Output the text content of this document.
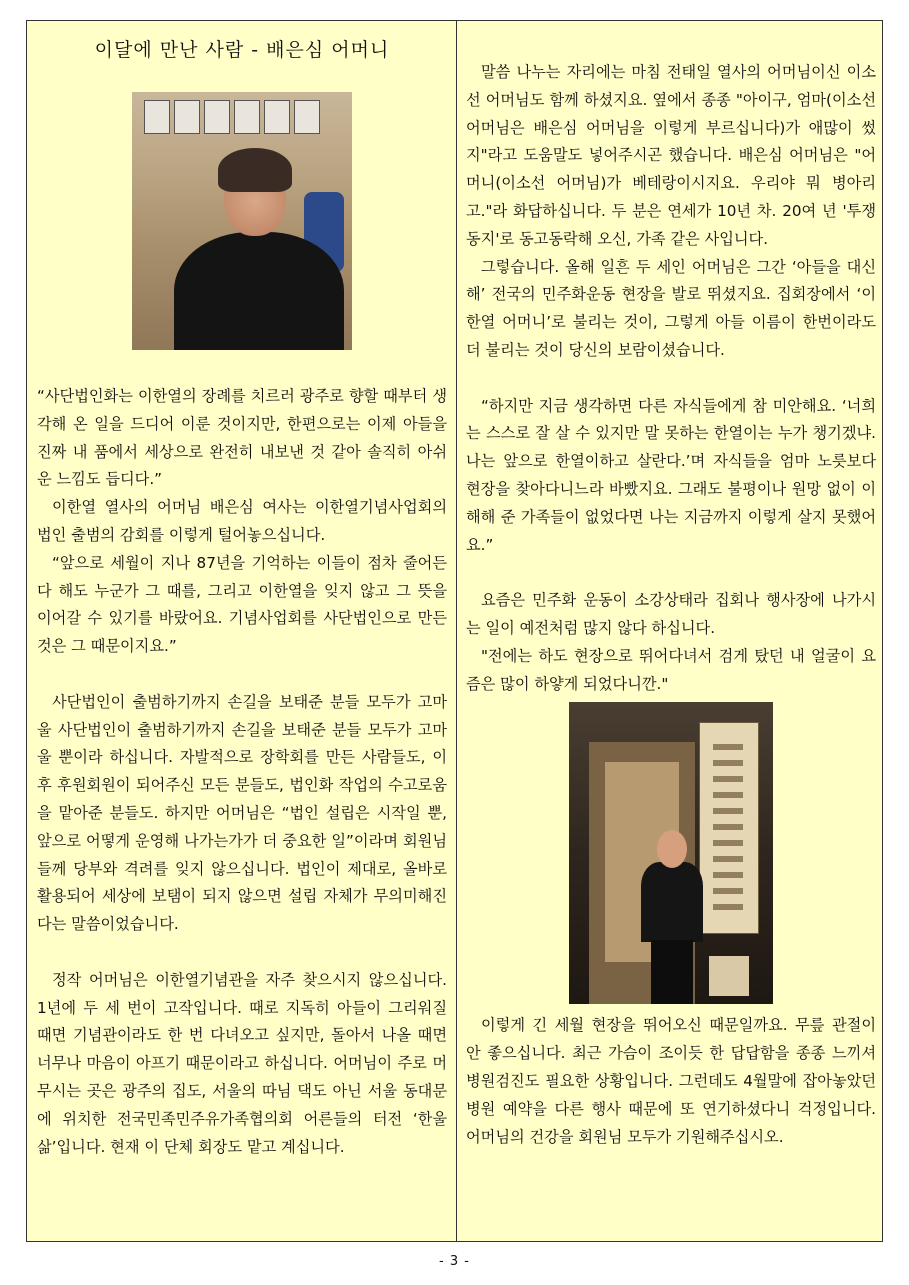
이달에 만난 사람 - 배은심 어머니

“사단법인화는 이한열의 장례를 치르러 광주로 향할 때부터 생각해 온 일을 드디어 이룬 것이지만, 한편으로는 이제 아들을 진짜 내 품에서 세상으로 완전히 내보낸 것 같아 솔직히 아쉬운 느낌도 듭디다.”

이한열 열사의 어머님 배은심 여사는 이한열기념사업회의 법인 출범의 감회를 이렇게 털어놓으십니다.

“앞으로 세월이 지나 87년을 기억하는 이들이 점차 줄어든다 해도 누군가 그 때를, 그리고 이한열을 잊지 않고 그 뜻을 이어갈 수 있기를 바랐어요. 기념사업회를 사단법인으로 만든 것은 그 때문이지요.”

사단법인이 출범하기까지 손길을 보태준 분들 모두가 고마울 사단법인이 출범하기까지 손길을 보태준 분들 모두가 고마울 뿐이라 하십니다. 자발적으로 장학회를 만든 사람들도, 이후 후원회원이 되어주신 모든 분들도, 법인화 작업의 수고로움을 맡아준 분들도. 하지만 어머님은 “법인 설립은 시작일 뿐, 앞으로 어떻게 운영해 나가는가가 더 중요한 일”이라며 회원님들께 당부와 격려를 잊지 않으십니다. 법인이 제대로, 올바로 활용되어 세상에 보탬이 되지 않으면 설립 자체가 무의미해진다는 말씀이었습니다.

정작 어머님은 이한열기념관을 자주 찾으시지 않으십니다. 1년에 두 세 번이 고작입니다. 때로 지독히 아들이 그리워질 때면 기념관이라도 한 번 다녀오고 싶지만, 돌아서 나올 때면 너무나 마음이 아프기 때문이라고 하십니다. 어머님이 주로 머무시는 곳은 광주의 집도, 서울의 따님 댁도 아닌 서울 동대문에 위치한 전국민족민주유가족협의회 어른들의 터전 ‘한울삶’입니다. 현재 이 단체 회장도 맡고 계십니다.

말씀 나누는 자리에는 마침 전태일 열사의 어머님이신 이소선 어머님도 함께 하셨지요. 옆에서 종종 "아이구, 엄마(이소선 어머님은 배은심 어머님을 이렇게 부르십니다)가 애많이 썼지"라고 도움말도 넣어주시곤 했습니다. 배은심 어머님은 "어머니(이소선 어머님)가 베테랑이시지요. 우리야 뭐 병아리고."라 화답하십니다. 두 분은 연세가 10년 차. 20여 년 '투쟁 동지'로 동고동락해 오신, 가족 같은 사입니다.

그렇습니다. 올해 일흔 두 세인 어머님은 그간 ‘아들을 대신해’ 전국의 민주화운동 현장을 발로 뛰셨지요. 집회장에서 ‘이한열 어머니’로 불리는 것이, 그렇게 아들 이름이 한번이라도 더 불리는 것이 당신의 보람이셨습니다.

“하지만 지금 생각하면 다른 자식들에게 참 미안해요. ‘너희는 스스로 잘 살 수 있지만 말 못하는 한열이는 누가 챙기겠냐. 나는 앞으로 한열이하고 살란다.’며 자식들을 엄마 노릇보다 현장을 찾아다니느라 바빴지요. 그래도 불평이나 원망 없이 이해해 준 가족들이 없었다면 나는 지금까지 이렇게 살지 못했어요.”

요즘은 민주화 운동이 소강상태라 집회나 행사장에 나가시는 일이 예전처럼 많지 않다 하십니다.

"전에는 하도 현장으로 뛰어다녀서 검게 탔던 내 얼굴이 요즘은 많이 하얗게 되었다니깐."

이렇게 긴 세월 현장을 뛰어오신 때문일까요. 무릎 관절이 안 좋으십니다. 최근 가슴이 조이듯 한 답답함을 종종 느끼셔 병원검진도 필요한 상황입니다. 그런데도 4월말에 잡아놓았던 병원 예약을 다른 행사 때문에 또 연기하셨다니 걱정입니다. 어머님의 건강을 회원님 모두가 기원해주십시오.

- 3 -
